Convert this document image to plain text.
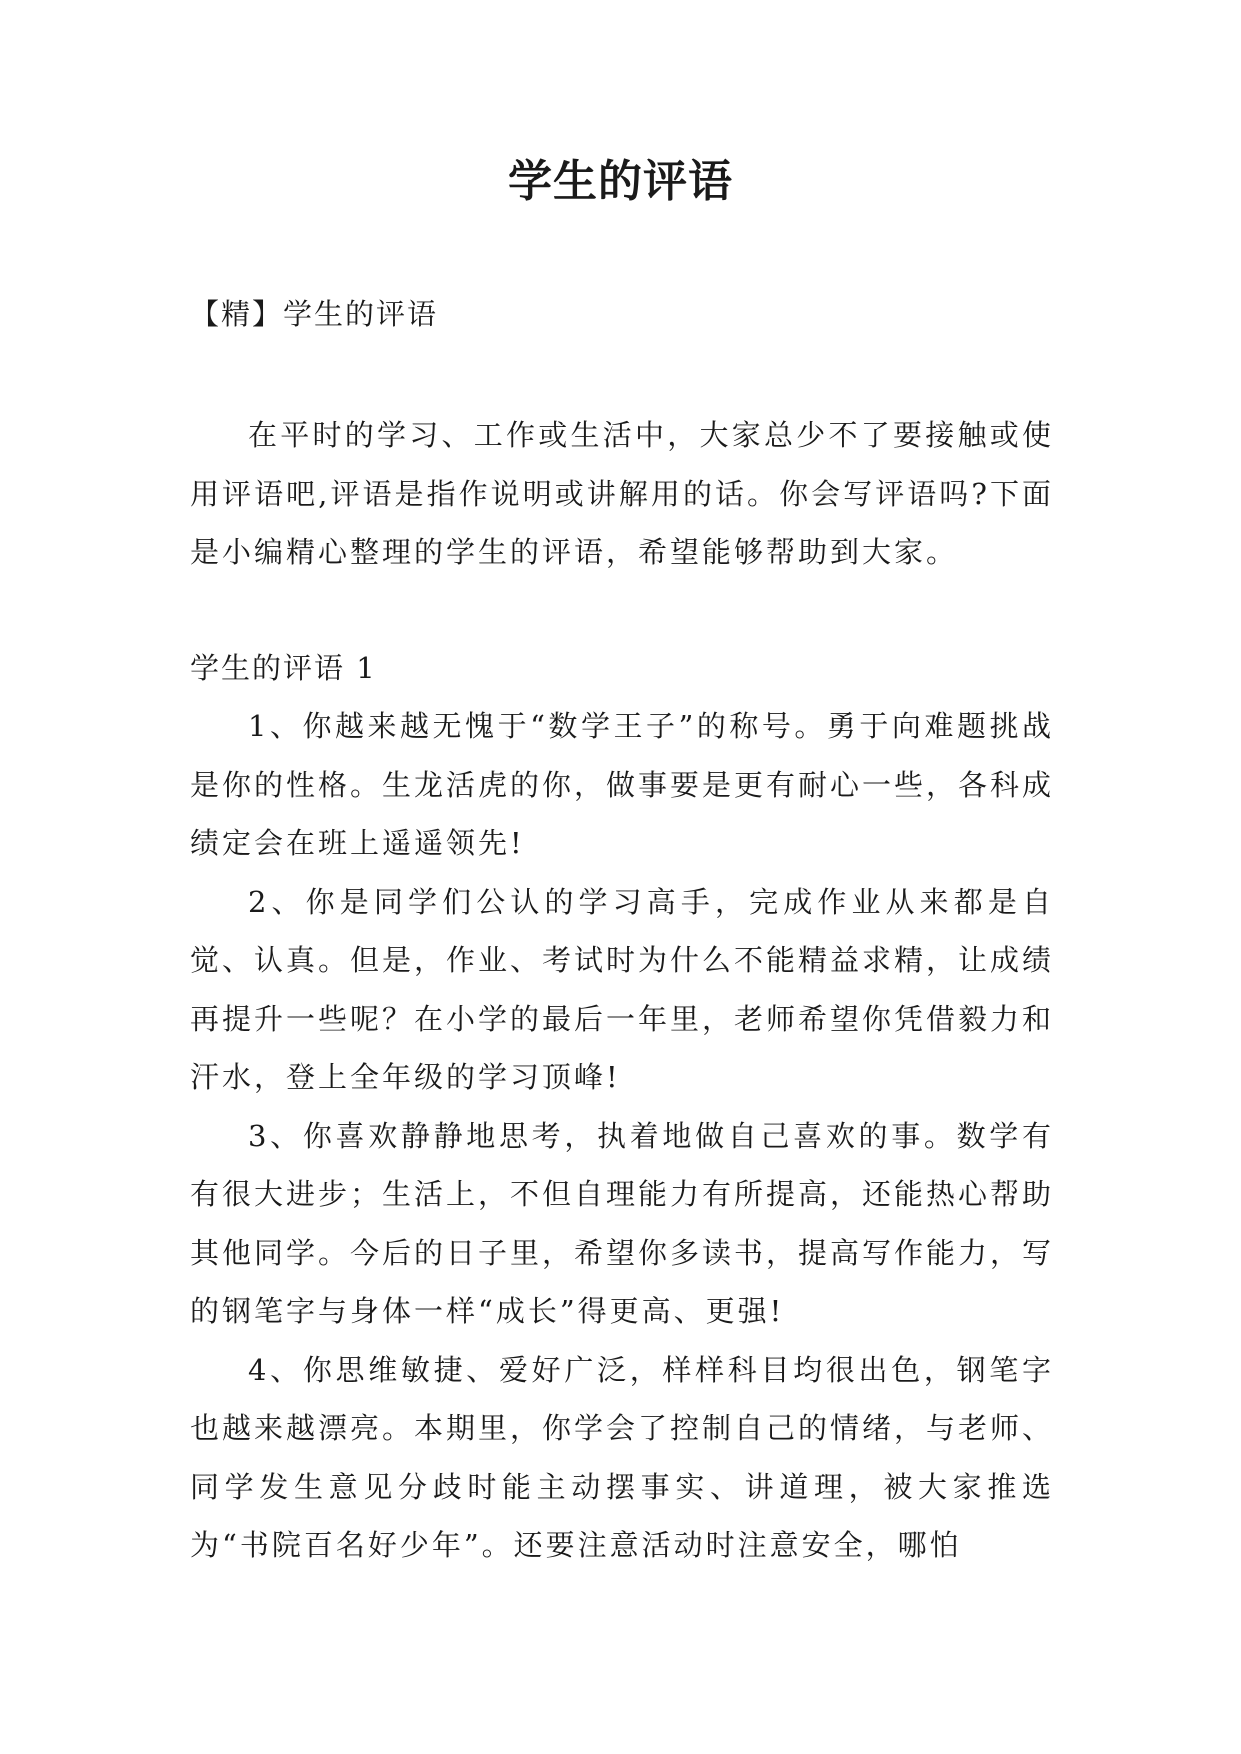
学生的评语
【精】学生的评语

在平时的学习、工作或生活中，大家总少不了要接触或使用评语吧,评语是指作说明或讲解用的话。你会写评语吗?下面是小编精心整理的学生的评语，希望能够帮助到大家。

学生的评语 1

1、你越来越无愧于“数学王子”的称号。勇于向难题挑战是你的性格。生龙活虎的你，做事要是更有耐心一些，各科成绩定会在班上遥遥领先!

2、你是同学们公认的学习高手，完成作业从来都是自觉、认真。但是，作业、考试时为什么不能精益求精，让成绩再提升一些呢？在小学的最后一年里，老师希望你凭借毅力和汗水，登上全年级的学习顶峰!

3、你喜欢静静地思考，执着地做自己喜欢的事。数学有有很大进步；生活上，不但自理能力有所提高，还能热心帮助其他同学。今后的日子里，希望你多读书，提高写作能力，写的钢笔字与身体一样“成长”得更高、更强!

4、你思维敏捷、爱好广泛，样样科目均很出色，钢笔字也越来越漂亮。本期里，你学会了控制自己的情绪，与老师、同学发生意见分歧时能主动摆事实、讲道理，被大家推选为“书院百名好少年”。还要注意活动时注意安全，哪怕
